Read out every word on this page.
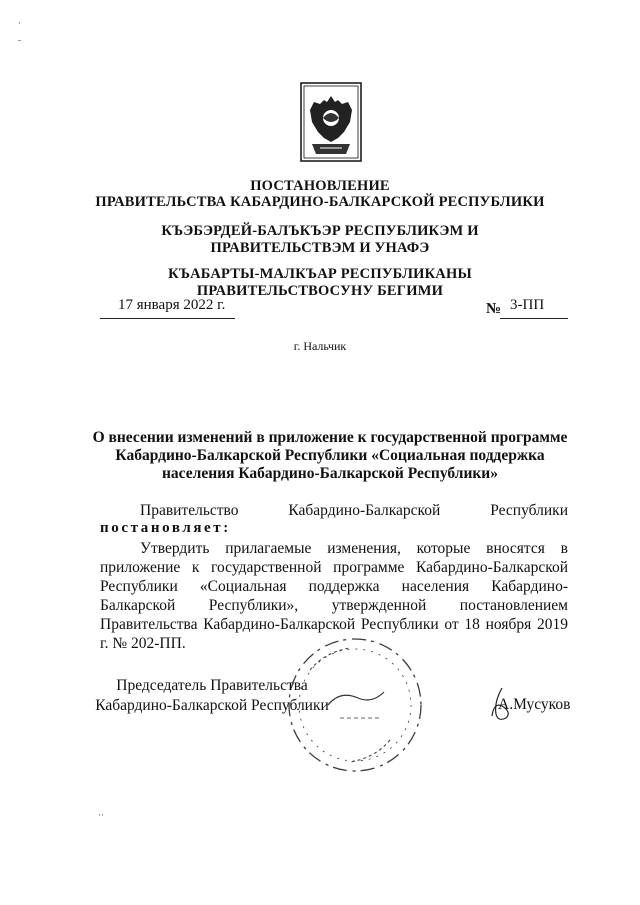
ПОСТАНОВЛЕНИЕ
ПРАВИТЕЛЬСТВА КАБАРДИНО-БАЛКАРСКОЙ РЕСПУБЛИКИ
КЪЭБЭРДЕЙ-БАЛЪКЪЭР РЕСПУБЛИКЭМ И ПРАВИТЕЛЬСТВЭМ И УНАФЭ
КЪАБАРТЫ-МАЛКЪАР РЕСПУБЛИКАНЫ ПРАВИТЕЛЬСТВОСУНУ БЕГИМИ
17 января 2022 г.	№ 3-ПП
г. Нальчик
О внесении изменений в приложение к государственной программе Кабардино-Балкарской Республики «Социальная поддержка населения Кабардино-Балкарской Республики»
Правительство	Кабардино-Балкарской	Республики
постановляет:
Утвердить прилагаемые изменения, которые вносятся в приложение к государственной программе Кабардино-Балкарской Республики «Социальная поддержка населения Кабардино-Балкарской Республики», утвержденной постановлением Правительства Кабардино-Балкарской Республики от 18 ноября 2019 г. № 202-ПП.
Председатель Правительства
Кабардино-Балкарской Республики	А.Мусуков
·
ˉ
··
